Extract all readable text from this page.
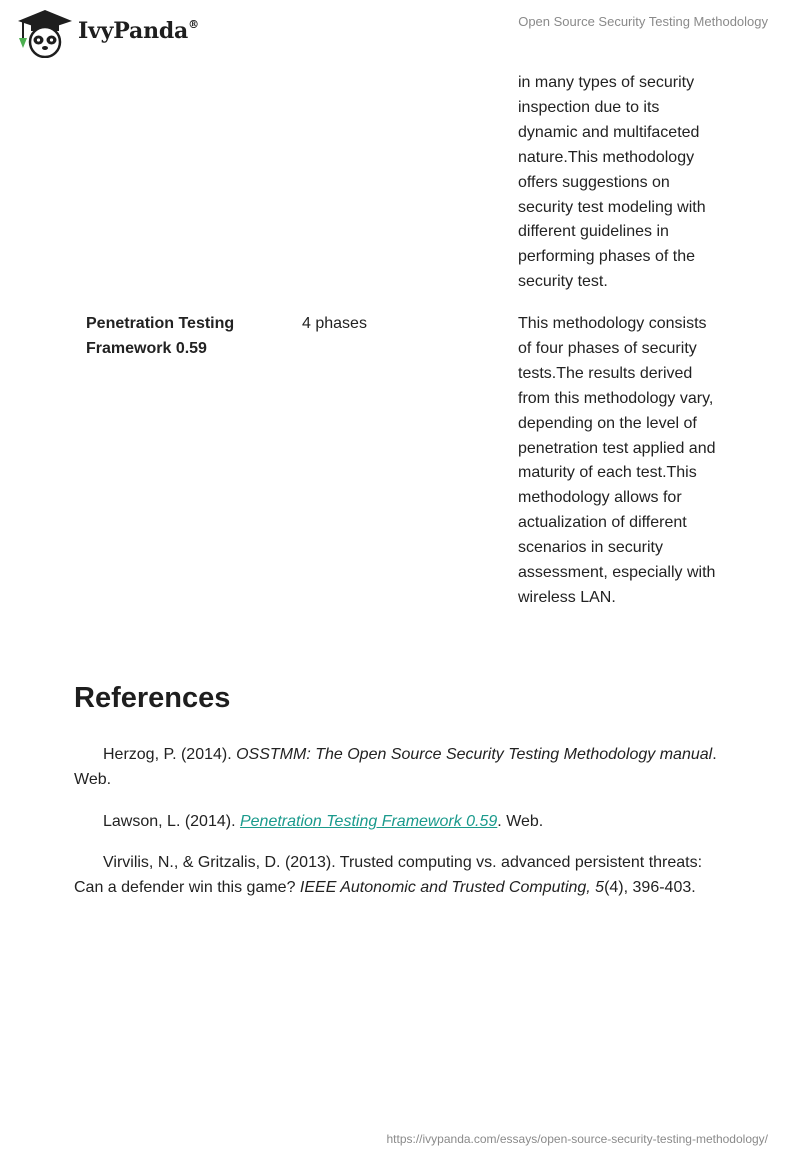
IvyPanda®	Open Source Security Testing Methodology
in many types of security inspection due to its dynamic and multifaceted nature.This methodology offers suggestions on security test modeling with different guidelines in performing phases of the security test.
Penetration Testing Framework 0.59
4 phases	This methodology consists of four phases of security tests.The results derived from this methodology vary, depending on the level of penetration test applied and maturity of each test.This methodology allows for actualization of different scenarios in security assessment, especially with wireless LAN.
References

Herzog, P. (2014). OSSTMM: The Open Source Security Testing Methodology manual. Web.

Lawson, L. (2014). Penetration Testing Framework 0.59. Web.

Virvilis, N., & Gritzalis, D. (2013). Trusted computing vs. advanced persistent threats: Can a defender win this game? IEEE Autonomic and Trusted Computing, 5(4), 396-403.

https://ivypanda.com/essays/open-source-security-testing-methodology/
